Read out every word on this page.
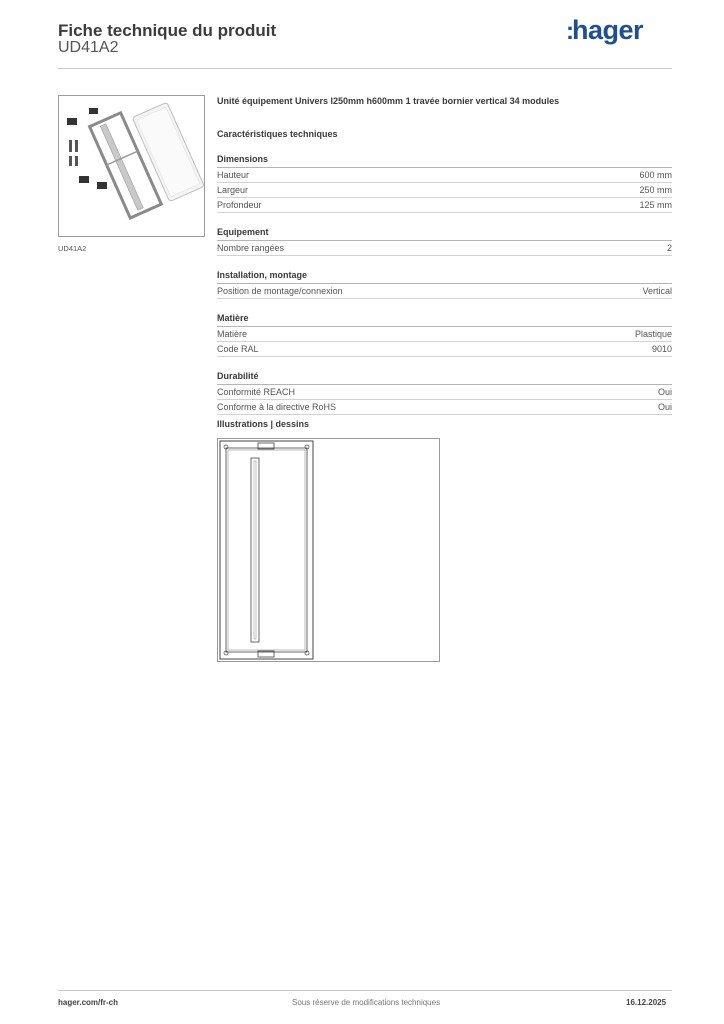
Fiche technique du produit
UD41A2
:hager
UD41A2
Unité équipement Univers l250mm h600mm 1 travée bornier vertical 34 modules
Caractéristiques techniques
Dimensions
Hauteur	600 mm
Largeur	250 mm
Profondeur	125 mm
Equipement
Nombre rangées	2
Installation, montage
Position de montage/connexion	Vertical
Matière
Matière	Plastique
Code RAL	9010
Durabilité
Conformité REACH	Oui
Conforme à la directive RoHS	Oui
Illustrations | dessins
hager.com/fr-ch	Sous réserve de modifications techniques	16.12.2025
